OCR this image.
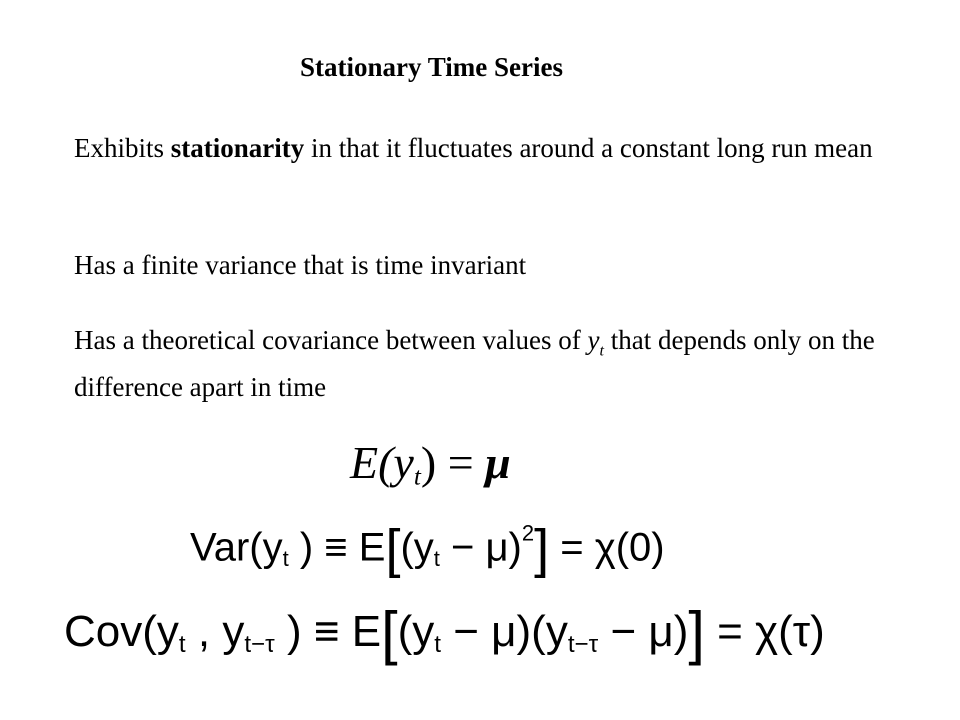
Stationary Time Series
Exhibits stationarity in that it fluctuates around a constant long run mean
Has a finite variance that is time invariant
Has a theoretical covariance between values of $y_t$ that depends only on the difference apart in time
$E(y_t) = \mu$
$Var(y_t$ ) ≡ $E[(y_t - \mu)^2] = \chi(0)$
$Cov(y_t$ , $y_{t-\tau}$ ) ≡ $E[(y_t - \mu)(y_{t-\tau} - \mu)] = \chi(\tau)$
